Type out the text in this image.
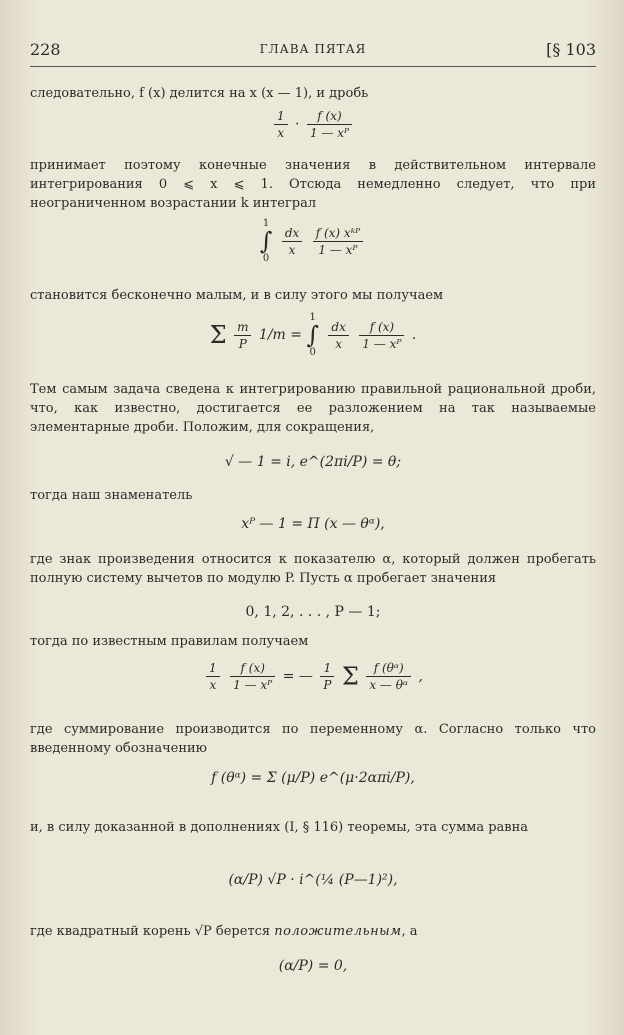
228	ГЛАВА ПЯТАЯ	[§ 103
следовательно, f (x) делится на x (x — 1), и дробь
$\frac{1}{x} \cdot \frac{f (x)}{\text{1 — xᴾ}}$
принимает поэтому конечные значения в действительном интервале интегрирования 0 ⩽ x ⩽ 1. Отсюда немедленно следует, что при неограниченном возрастании k интеграл
1
∫
0
$\frac{dx}{x}$
$\frac{\text{f (x) xᵏᴾ}}{\text{1 — xᴾ}}$
становится бесконечно малым, и в силу этого мы получаем
Σ $\frac{m}{P} 1/m = 1$
∫
0
$\frac{dx}{x}$
$\frac{f (x)}{\text{1 — xᴾ}}$ .
Тем самым задача сведена к интегрированию правильной рациональной дроби, что, как известно, достигается ее разложением на так называемые элементарные дроби. Положим, для сокращения,
√ — 1 = i, e^(2πi/P) = θ;
тогда наш знаменатель
xᴾ — 1 = Π (x — θᵅ),
где знак произведения относится к показателю α, который должен пробегать полную систему вычетов по модулю P. Пусть α пробегает значения
0, 1, 2, . . . , P — 1;
тогда по известным правилам получаем
$\frac{1}{x}$
$\frac{f (x)}{\text{1 — xᴾ}}$ = — $\frac{1}{P}$ Σ $\frac{\text{f (θᵅ)}}{\text{x — θᵅ}}$ ,
где суммирование производится по переменному α. Согласно только что введенному обозначению
f (θᵅ) = Σ (μ/P) e^(μ·2απi/P),
и, в силу доказанной в дополнениях (I, § 116) теоремы, эта сумма равна
(α/P) √P · i^(¼ (P—1)²),
где квадратный корень √P берется положительным, а
(α/P) = 0,
